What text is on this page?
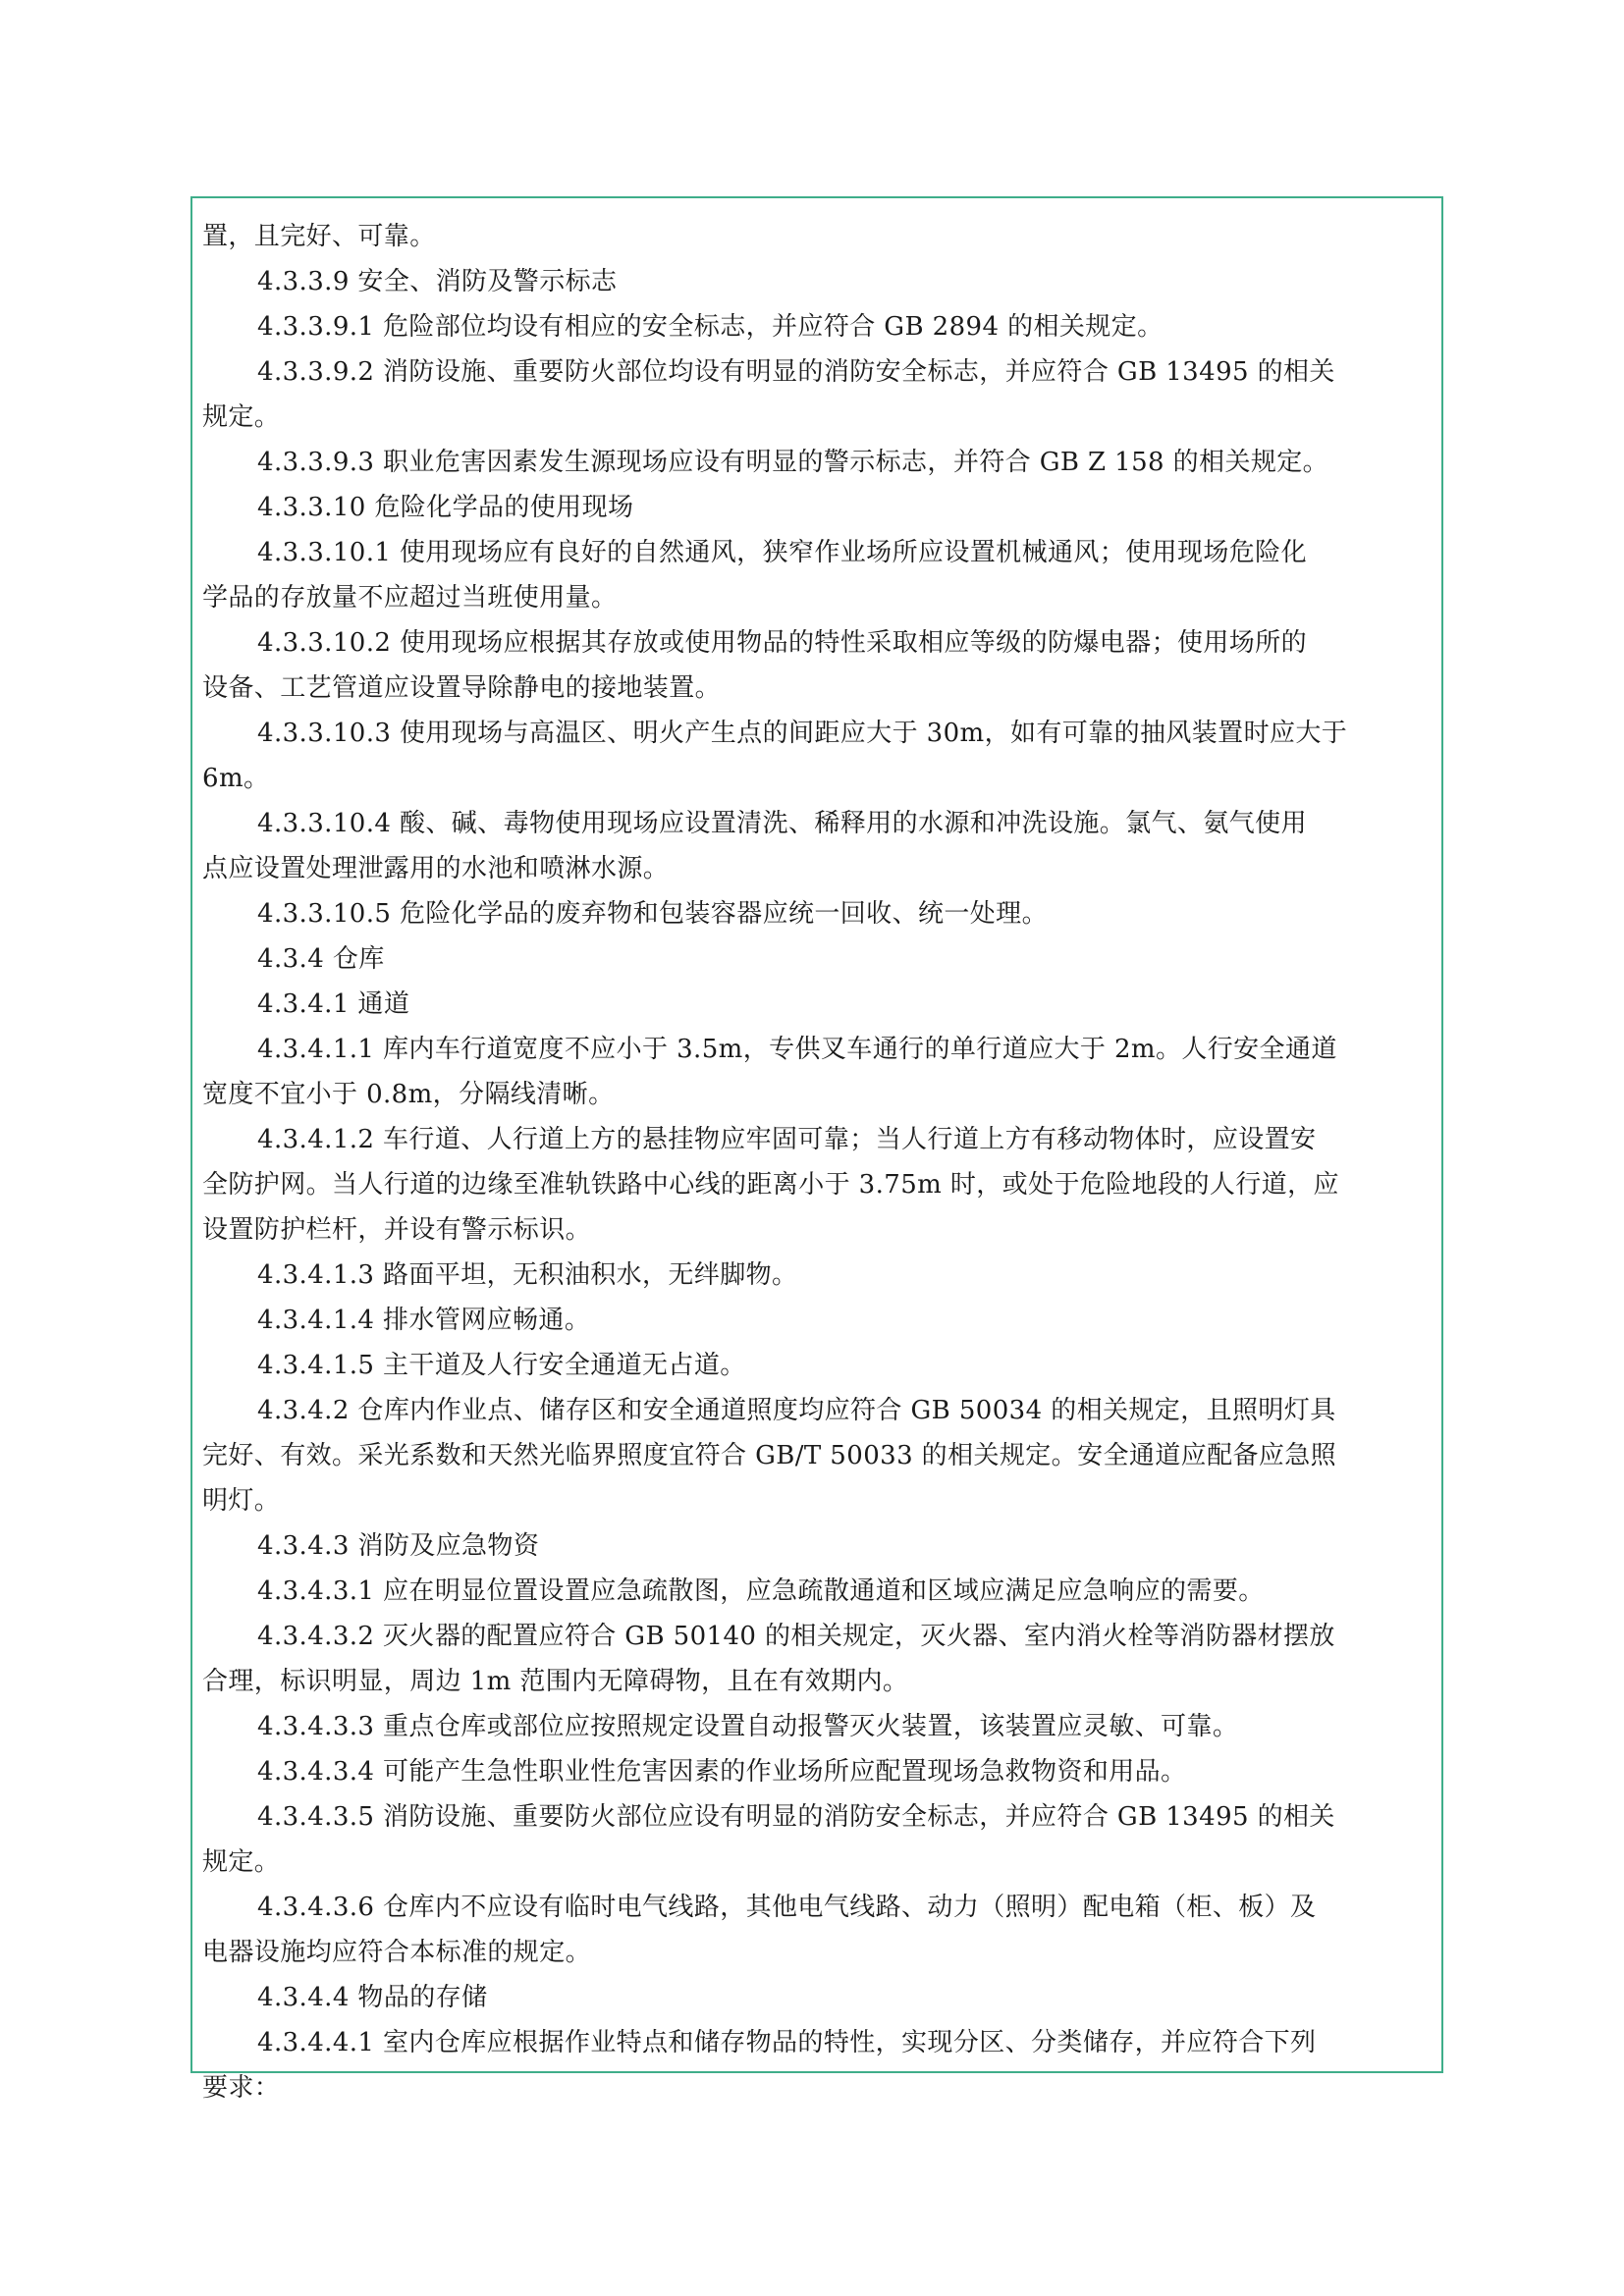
置，且完好、可靠。
4.3.3.9 安全、消防及警示标志
4.3.3.9.1 危险部位均设有相应的安全标志，并应符合 GB 2894 的相关规定。
4.3.3.9.2 消防设施、重要防火部位均设有明显的消防安全标志，并应符合 GB 13495 的相关
规定。
4.3.3.9.3 职业危害因素发生源现场应设有明显的警示标志，并符合 GB Z 158 的相关规定。
4.3.3.10 危险化学品的使用现场
4.3.3.10.1 使用现场应有良好的自然通风，狭窄作业场所应设置机械通风；使用现场危险化
学品的存放量不应超过当班使用量。
4.3.3.10.2 使用现场应根据其存放或使用物品的特性采取相应等级的防爆电器；使用场所的
设备、工艺管道应设置导除静电的接地装置。
4.3.3.10.3 使用现场与高温区、明火产生点的间距应大于 30m，如有可靠的抽风装置时应大于
6m。
4.3.3.10.4 酸、碱、毒物使用现场应设置清洗、稀释用的水源和冲洗设施。氯气、氨气使用
点应设置处理泄露用的水池和喷淋水源。
4.3.3.10.5 危险化学品的废弃物和包装容器应统一回收、统一处理。
4.3.4 仓库
4.3.4.1 通道
4.3.4.1.1 库内车行道宽度不应小于 3.5m，专供叉车通行的单行道应大于 2m。人行安全通道
宽度不宜小于 0.8m，分隔线清晰。
4.3.4.1.2 车行道、人行道上方的悬挂物应牢固可靠；当人行道上方有移动物体时，应设置安
全防护网。当人行道的边缘至准轨铁路中心线的距离小于 3.75m 时，或处于危险地段的人行道，应
设置防护栏杆，并设有警示标识。
4.3.4.1.3 路面平坦，无积油积水，无绊脚物。
4.3.4.1.4 排水管网应畅通。
4.3.4.1.5 主干道及人行安全通道无占道。
4.3.4.2 仓库内作业点、储存区和安全通道照度均应符合 GB 50034 的相关规定，且照明灯具
完好、有效。采光系数和天然光临界照度宜符合 GB/T 50033 的相关规定。安全通道应配备应急照
明灯。
4.3.4.3 消防及应急物资
4.3.4.3.1 应在明显位置设置应急疏散图，应急疏散通道和区域应满足应急响应的需要。
4.3.4.3.2 灭火器的配置应符合 GB 50140 的相关规定，灭火器、室内消火栓等消防器材摆放
合理，标识明显，周边 1m 范围内无障碍物，且在有效期内。
4.3.4.3.3 重点仓库或部位应按照规定设置自动报警灭火装置，该装置应灵敏、可靠。
4.3.4.3.4 可能产生急性职业性危害因素的作业场所应配置现场急救物资和用品。
4.3.4.3.5 消防设施、重要防火部位应设有明显的消防安全标志，并应符合 GB 13495 的相关
规定。
4.3.4.3.6 仓库内不应设有临时电气线路，其他电气线路、动力（照明）配电箱（柜、板）及
电器设施均应符合本标准的规定。
4.3.4.4 物品的存储
4.3.4.4.1 室内仓库应根据作业特点和储存物品的特性，实现分区、分类储存，并应符合下列
要求：
